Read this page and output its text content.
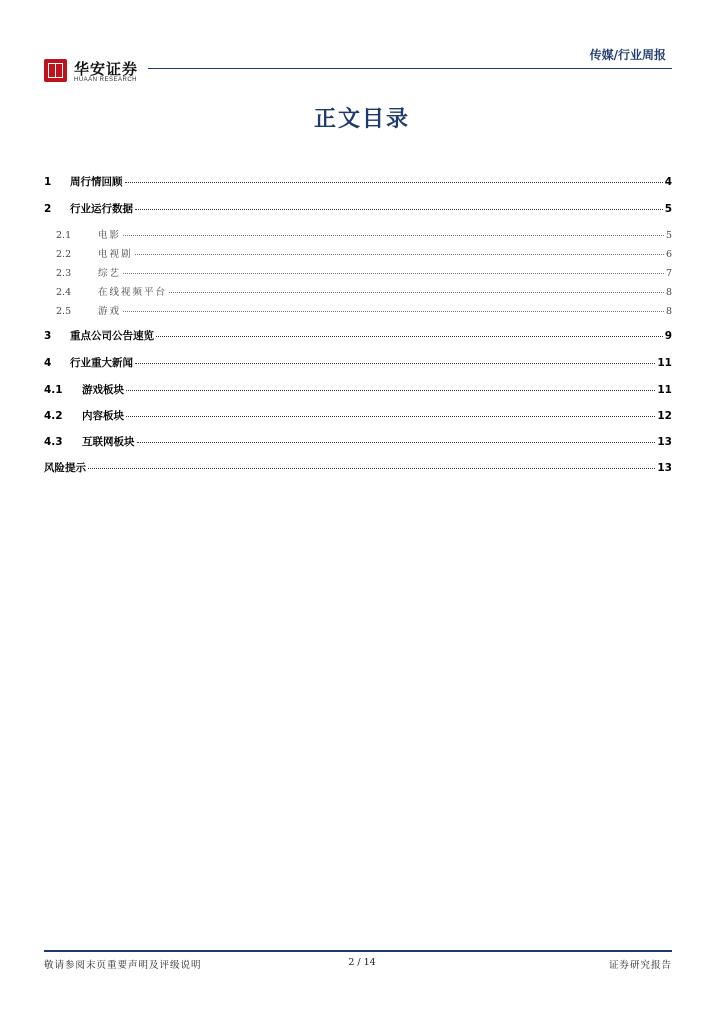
华安证券
HUAAN RESEARCH
传媒/行业周报
正文目录
1	周行情回顾	4
2	行业运行数据	5
2.1	电影	5
2.2	电视剧	6
2.3	综艺	7
2.4	在线视频平台	8
2.5	游戏	8
3	重点公司公告速览	9
4	行业重大新闻	11
4.1	游戏板块	11
4.2	内容板块	12
4.3	互联网板块	13
风险提示	13
敬请参阅末页重要声明及评级说明	2 / 14	证券研究报告
